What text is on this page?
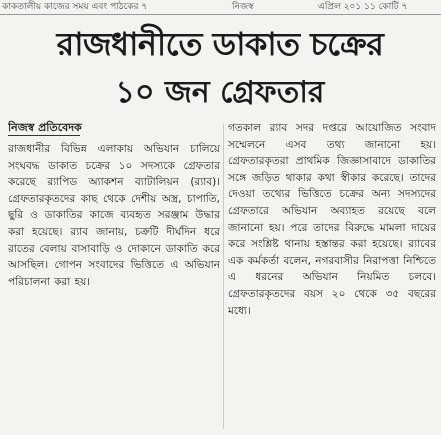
কাকতালীয় কাজের সময় এবং পাঠকের ৭	নিজস্ব	এপ্রিল ২০১ ১১ কোটি ৭
রাজধানীতে ডাকাত চক্রের
১০ জন গ্রেফতার
নিজস্ব প্রতিবেদক

রাজধানীর বিভিন্ন এলাকায় অভিযান চালিয়ে সংঘবদ্ধ ডাকাত চক্রের ১০ সদস্যকে গ্রেফতার করেছে র‍্যাপিড অ্যাকশন ব্যাটালিয়ন (র‍্যাব)। গ্রেফতারকৃতদের কাছ থেকে দেশীয় অস্ত্র, চাপাতি, ছুরি ও ডাকাতির কাজে ব্যবহৃত সরঞ্জাম উদ্ধার করা হয়েছে। র‍্যাব জানায়, চক্রটি দীর্ঘদিন ধরে রাতের বেলায় বাসাবাড়ি ও দোকানে ডাকাতি করে আসছিল। গোপন সংবাদের ভিত্তিতে এ অভিযান পরিচালনা করা হয়।

গতকাল র‍্যাব সদর দপ্তরে আয়োজিত সংবাদ সম্মেলনে এসব তথ্য জানানো হয়। গ্রেফতারকৃতরা প্রাথমিক জিজ্ঞাসাবাদে ডাকাতির সঙ্গে জড়িত থাকার কথা স্বীকার করেছে। তাদের দেওয়া তথ্যের ভিত্তিতে চক্রের অন্য সদস্যদের গ্রেফতারে অভিযান অব্যাহত রয়েছে বলে জানানো হয়। পরে তাদের বিরুদ্ধে মামলা দায়ের করে সংশ্লিষ্ট থানায় হস্তান্তর করা হয়েছে। র‍্যাবের এক কর্মকর্তা বলেন, নগরবাসীর নিরাপত্তা নিশ্চিতে এ ধরনের অভিযান নিয়মিত চলবে। গ্রেফতারকৃতদের বয়স ২০ থেকে ৩৫ বছরের মধ্যে।
